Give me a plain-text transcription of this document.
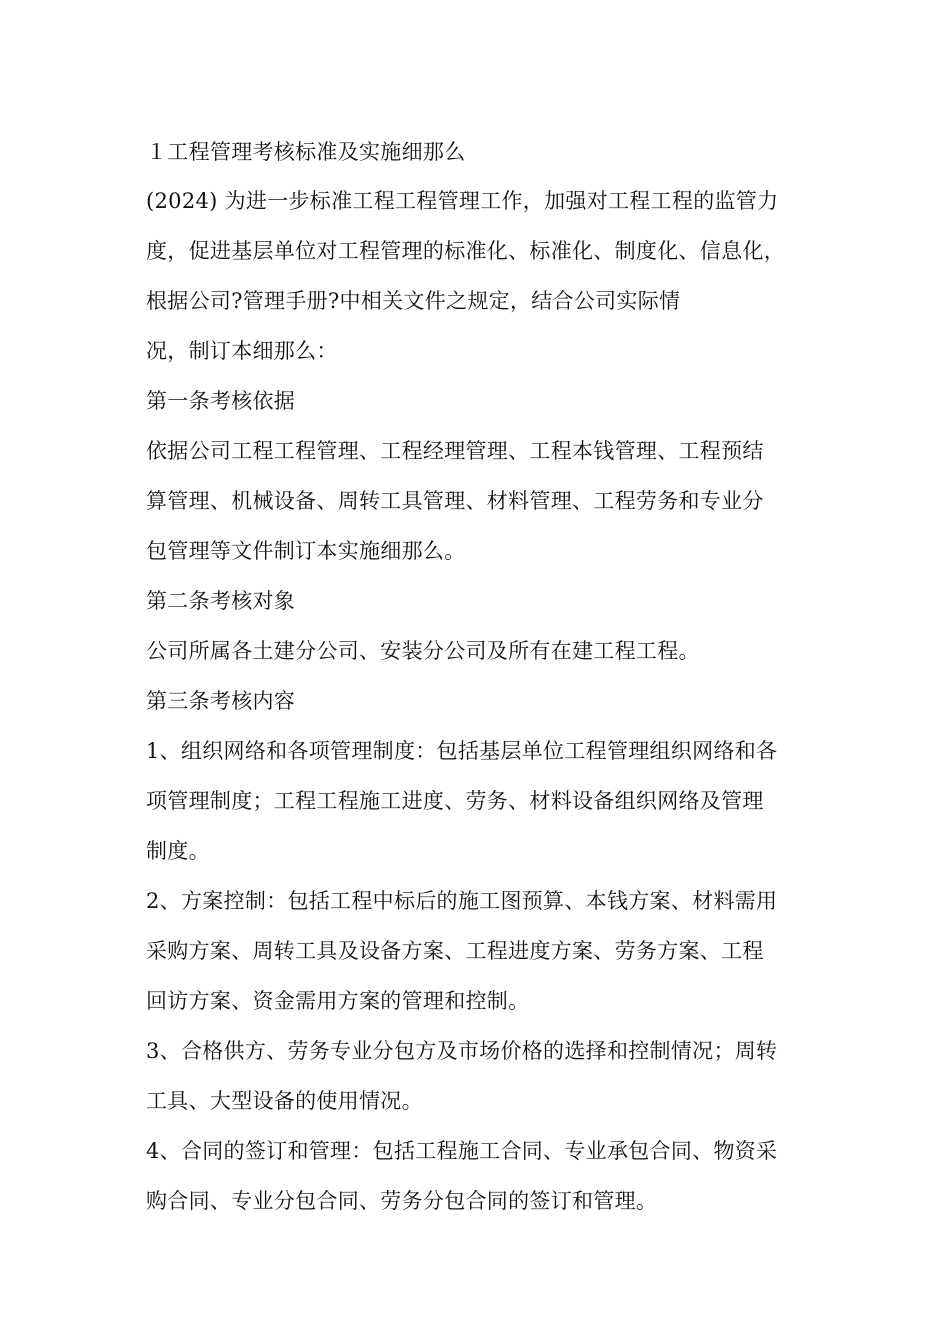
１工程管理考核标准及实施细那么
(2024) 为进一步标准工程工程管理工作，加强对工程工程的监管力
度，促进基层单位对工程管理的标准化、标准化、制度化、信息化，
根据公司?管理手册?中相关文件之规定，结合公司实际情
况，制订本细那么：
第一条考核依据
依据公司工程工程管理、工程经理管理、工程本钱管理、工程预结
算管理、机械设备、周转工具管理、材料管理、工程劳务和专业分
包管理等文件制订本实施细那么。
第二条考核对象
公司所属各土建分公司、安装分公司及所有在建工程工程。
第三条考核内容
1、组织网络和各项管理制度：包括基层单位工程管理组织网络和各
项管理制度；工程工程施工进度、劳务、材料设备组织网络及管理
制度。
2、方案控制：包括工程中标后的施工图预算、本钱方案、材料需用
采购方案、周转工具及设备方案、工程进度方案、劳务方案、工程
回访方案、资金需用方案的管理和控制。
3、合格供方、劳务专业分包方及市场价格的选择和控制情况；周转
工具、大型设备的使用情况。
4、合同的签订和管理：包括工程施工合同、专业承包合同、物资采
购合同、专业分包合同、劳务分包合同的签订和管理。
